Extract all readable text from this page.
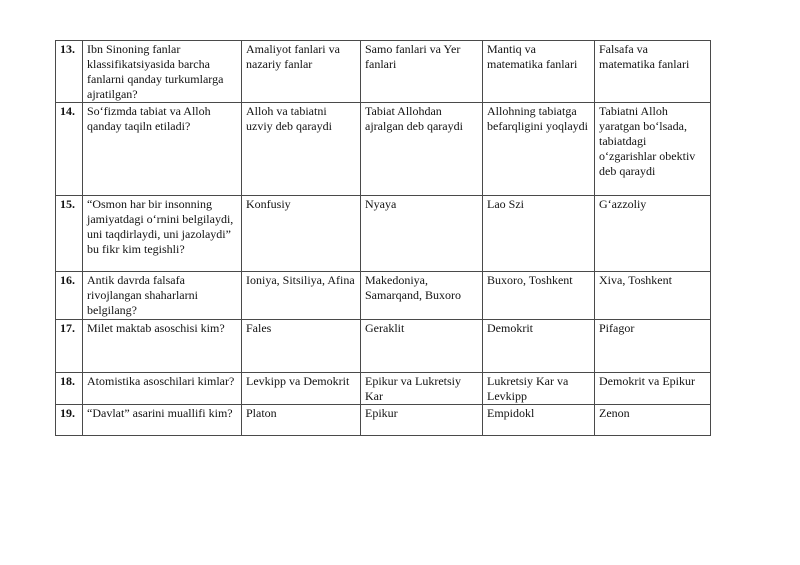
13.	Ibn Sinoning fanlar klassifikatsiyasida barcha fanlarni qanday turkumlarga ajratilgan?	Amaliyot fanlari va nazariy fanlar	Samo fanlari va Yer fanlari	Mantiq va matematika fanlari	Falsafa va matematika fanlari
14.	So‘fizmda tabiat va Alloh qanday taqiln etiladi?	Alloh va tabiatni uzviy deb qaraydi	Tabiat Allohdan ajralgan deb qaraydi	Allohning tabiatga befarqligini yoqlaydi	Tabiatni Alloh yaratgan bo‘lsada, tabiatdagi o‘zgarishlar obektiv deb qaraydi
15.	“Osmon har bir insonning jamiyatdagi o‘rnini belgilaydi, uni taqdirlaydi, uni jazolaydi” bu fikr kim tegishli?	Konfusiy	Nyaya	Lao Szi	G‘azzoliy
16.	Antik davrda falsafa rivojlangan shaharlarni belgilang?	Ioniya, Sitsiliya, Afina	Makedoniya, Samarqand, Buxoro	Buxoro, Toshkent	Xiva, Toshkent
17.	Milet maktab asoschisi kim?	Fales	Geraklit	Demokrit	Pifagor
18.	Atomistika asoschilari kimlar?	Levkipp va Demokrit	Epikur va Lukretsiy Kar	Lukretsiy Kar va Levkipp	Demokrit va Epikur
19.	“Davlat” asarini muallifi kim?	Platon	Epikur	Empidokl	Zenon
